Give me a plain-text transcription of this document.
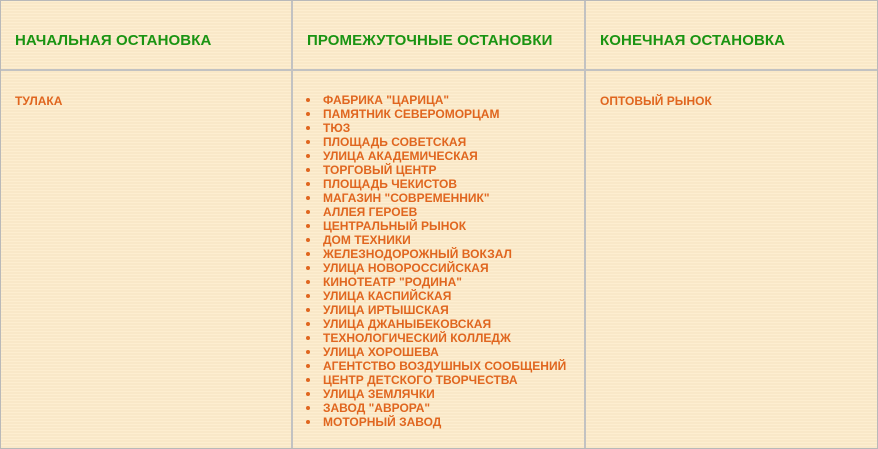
НАЧАЛЬНАЯ ОСТАНОВКА
ТУЛАКА
ПРОМЕЖУТОЧНЫЕ ОСТАНОВКИ
ФАБРИКА "ЦАРИЦА"
ПАМЯТНИК СЕВЕРОМОРЦАМ
ТЮЗ
ПЛОЩАДЬ СОВЕТСКАЯ
УЛИЦА АКАДЕМИЧЕСКАЯ
ТОРГОВЫЙ ЦЕНТР
ПЛОЩАДЬ ЧЕКИСТОВ
МАГАЗИН "СОВРЕМЕННИК"
АЛЛЕЯ ГЕРОЕВ
ЦЕНТРАЛЬНЫЙ РЫНОК
ДОМ ТЕХНИКИ
ЖЕЛЕЗНОДОРОЖНЫЙ ВОКЗАЛ
УЛИЦА НОВОРОССИЙСКАЯ
КИНОТЕАТР "РОДИНА"
УЛИЦА КАСПИЙСКАЯ
УЛИЦА ИРТЫШСКАЯ
УЛИЦА ДЖАНЫБЕКОВСКАЯ
ТЕХНОЛОГИЧЕСКИЙ КОЛЛЕДЖ
УЛИЦА ХОРОШЕВА
АГЕНТСТВО ВОЗДУШНЫХ СООБЩЕНИЙ
ЦЕНТР ДЕТСКОГО ТВОРЧЕСТВА
УЛИЦА ЗЕМЛЯЧКИ
ЗАВОД "АВРОРА"
МОТОРНЫЙ ЗАВОД
КОНЕЧНАЯ ОСТАНОВКА
ОПТОВЫЙ РЫНОК
